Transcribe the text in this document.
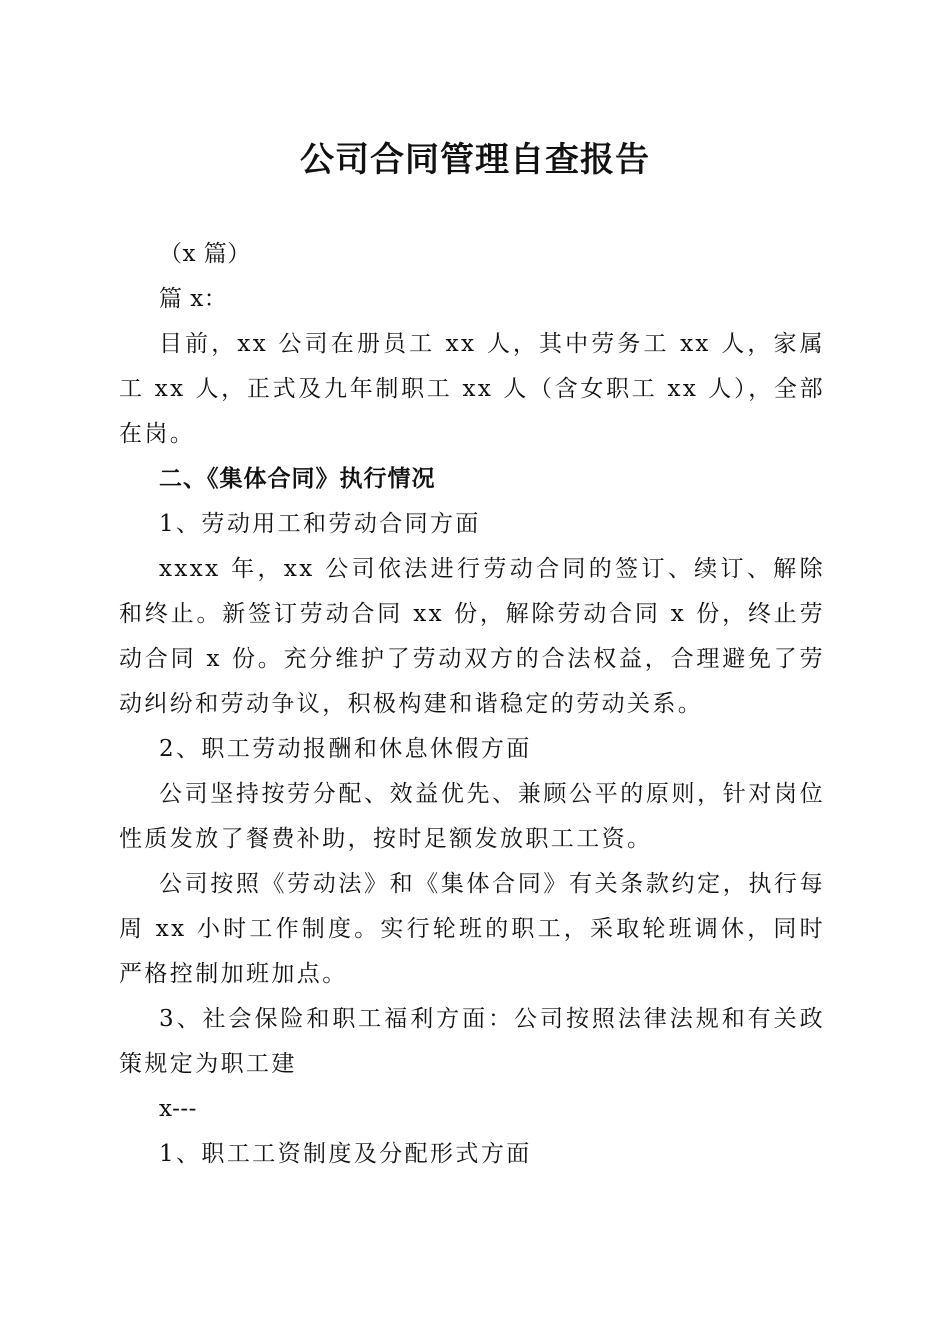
公司合同管理自查报告

（x 篇）

篇 x：

目前，xx 公司在册员工 xx 人，其中劳务工 xx 人，家属工 xx 人，正式及九年制职工 xx 人（含女职工 xx 人），全部在岗。

二、《集体合同》执行情况

1、劳动用工和劳动合同方面

xxxx 年，xx 公司依法进行劳动合同的签订、续订、解除和终止。新签订劳动合同 xx 份，解除劳动合同 x 份，终止劳动合同 x 份。充分维护了劳动双方的合法权益，合理避免了劳动纠纷和劳动争议，积极构建和谐稳定的劳动关系。

2、职工劳动报酬和休息休假方面

公司坚持按劳分配、效益优先、兼顾公平的原则，针对岗位性质发放了餐费补助，按时足额发放职工工资。

公司按照《劳动法》和《集体合同》有关条款约定，执行每周 xx 小时工作制度。实行轮班的职工，采取轮班调休，同时严格控制加班加点。

3、社会保险和职工福利方面：公司按照法律法规和有关政策规定为职工建

x---

1、职工工资制度及分配形式方面
